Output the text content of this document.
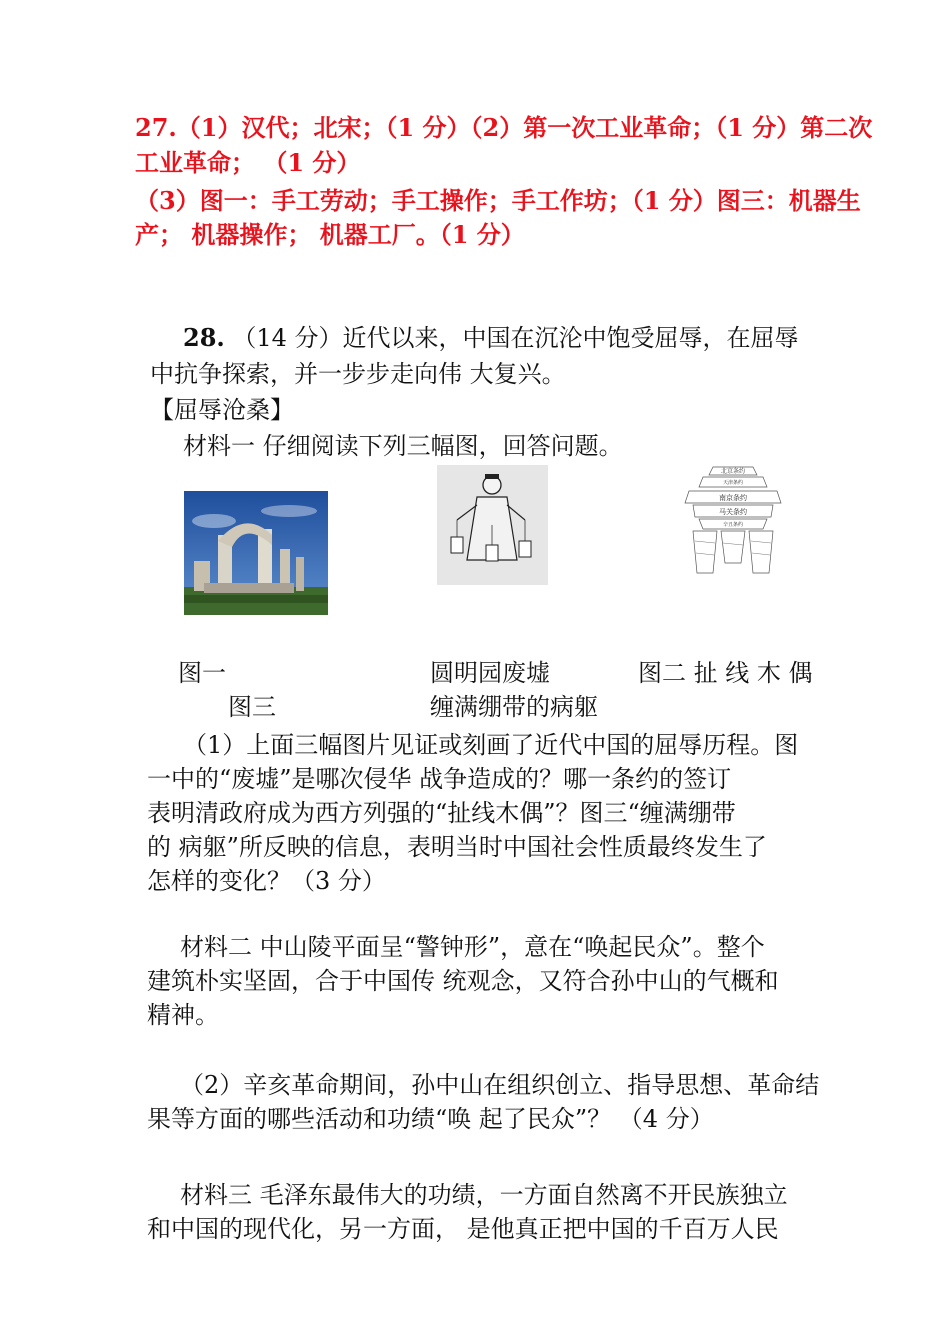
27.（1）汉代；北宋；（1 分）（2）第一次工业革命；（1 分）第二次
工业革命； （1 分）
（3）图一：手工劳动；手工操作；手工作坊；（1 分）图三：机器生
产； 机器操作； 机器工厂。（1 分）
28. （14 分）近代以来，中国在沉沦中饱受屈辱，在屈辱
中抗争探索，并一步步走向伟 大复兴。
【屈辱沧桑】
材料一 仔细阅读下列三幅图，回答问题。
北京条约
天津条约
南京条约
马关条约
辛丑条约
图一	圆明园废墟	图二 扯 线 木 偶
图三	缠满绷带的病躯
（1）上面三幅图片见证或刻画了近代中国的屈辱历程。图
一中的“废墟”是哪次侵华 战争造成的？哪一条约的签订
表明清政府成为西方列强的“扯线木偶”？图三“缠满绷带
的 病躯”所反映的信息，表明当时中国社会性质最终发生了
怎样的变化？（3 分）
材料二 中山陵平面呈“警钟形”，意在“唤起民众”。整个
建筑朴实坚固，合于中国传 统观念，又符合孙中山的气概和
精神。
（2）辛亥革命期间，孙中山在组织创立、指导思想、革命结
果等方面的哪些活动和功绩“唤 起了民众”？ （4 分）
材料三 毛泽东最伟大的功绩，一方面自然离不开民族独立
和中国的现代化，另一方面， 是他真正把中国的千百万人民
